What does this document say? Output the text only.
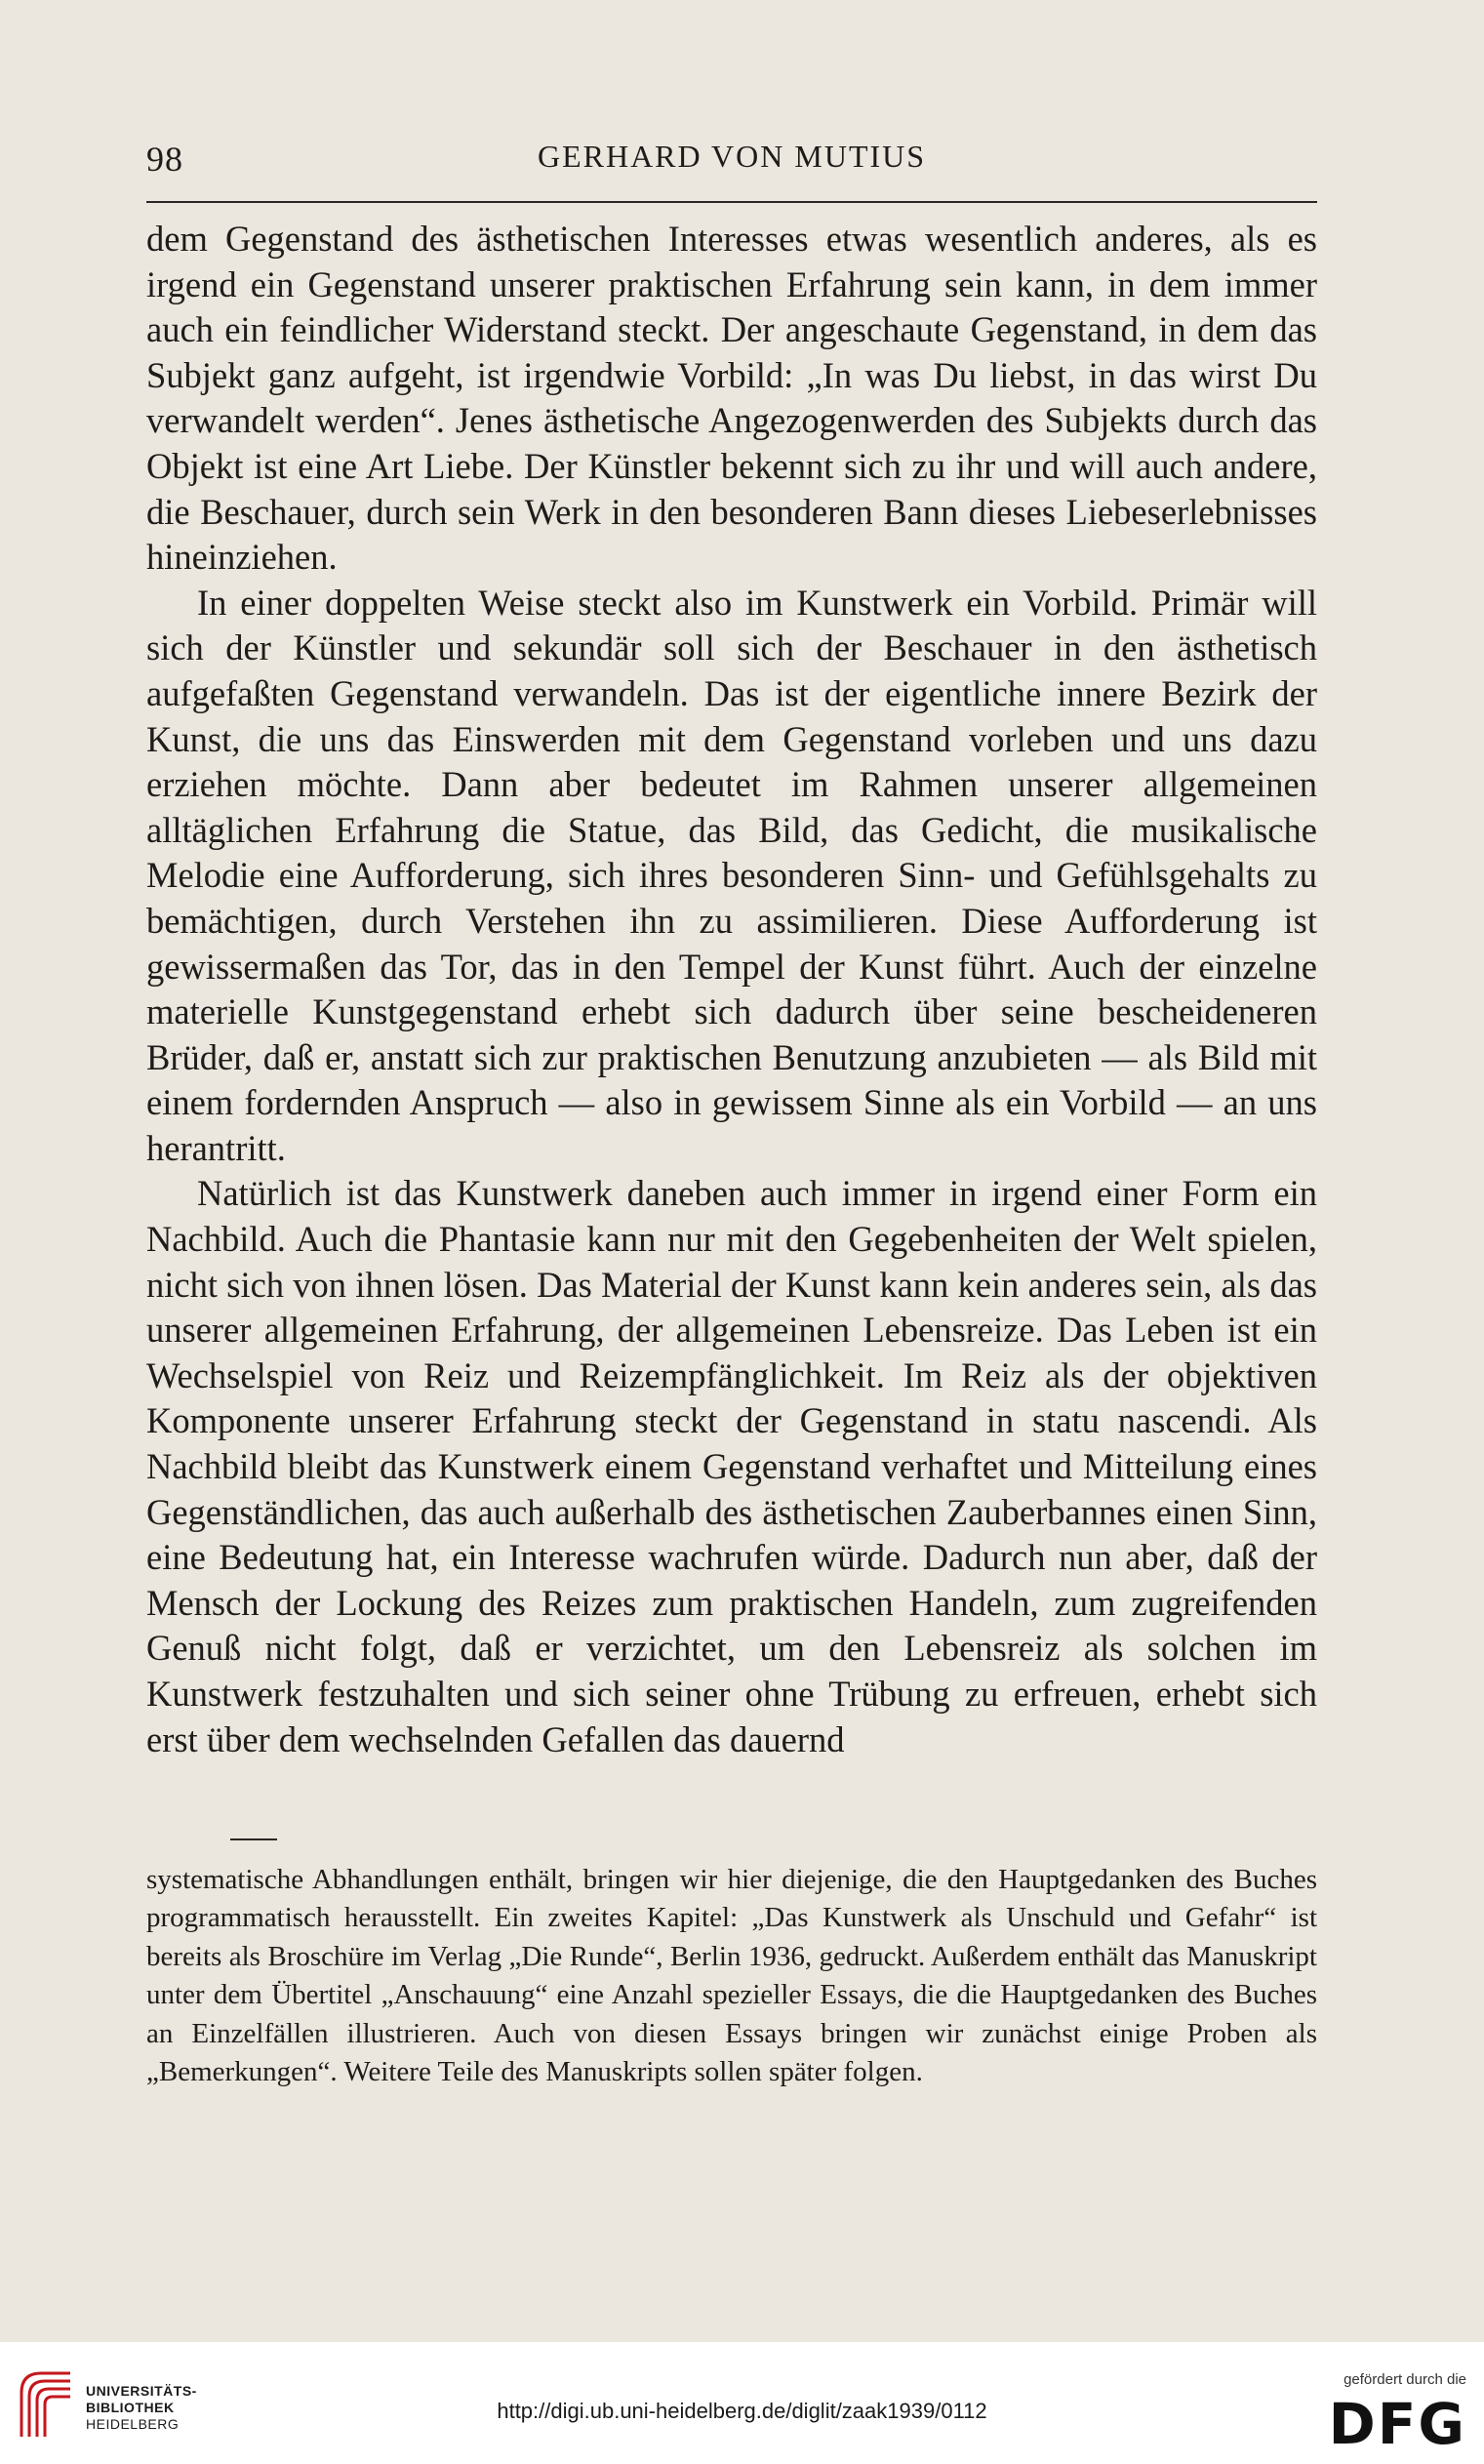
98	GERHARD VON MUTIUS

dem Gegenstand des ästhetischen Interesses etwas wesentlich anderes, als es irgend ein Gegenstand unserer praktischen Erfahrung sein kann, in dem immer auch ein feindlicher Widerstand steckt. Der angeschaute Gegenstand, in dem das Subjekt ganz aufgeht, ist irgendwie Vorbild: „In was Du liebst, in das wirst Du verwandelt werden“. Jenes ästhetische Angezogenwerden des Subjekts durch das Objekt ist eine Art Liebe. Der Künstler bekennt sich zu ihr und will auch andere, die Beschauer, durch sein Werk in den besonderen Bann dieses Liebeserlebnisses hineinziehen.

In einer doppelten Weise steckt also im Kunstwerk ein Vorbild. Primär will sich der Künstler und sekundär soll sich der Beschauer in den ästhetisch aufgefaßten Gegenstand verwandeln. Das ist der eigentliche innere Bezirk der Kunst, die uns das Einswerden mit dem Gegenstand vorleben und uns dazu erziehen möchte. Dann aber bedeutet im Rahmen unserer allgemeinen alltäglichen Erfahrung die Statue, das Bild, das Gedicht, die musikalische Melodie eine Aufforderung, sich ihres besonderen Sinn- und Gefühlsgehalts zu bemächtigen, durch Verstehen ihn zu assimilieren. Diese Aufforderung ist gewissermaßen das Tor, das in den Tempel der Kunst führt. Auch der einzelne materielle Kunstgegenstand erhebt sich dadurch über seine bescheideneren Brüder, daß er, anstatt sich zur praktischen Benutzung anzubieten — als Bild mit einem fordernden Anspruch — also in gewissem Sinne als ein Vorbild — an uns herantritt.

Natürlich ist das Kunstwerk daneben auch immer in irgend einer Form ein Nachbild. Auch die Phantasie kann nur mit den Gegebenheiten der Welt spielen, nicht sich von ihnen lösen. Das Material der Kunst kann kein anderes sein, als das unserer allgemeinen Erfahrung, der allgemeinen Lebensreize. Das Leben ist ein Wechselspiel von Reiz und Reizempfänglichkeit. Im Reiz als der objektiven Komponente unserer Erfahrung steckt der Gegenstand in statu nascendi. Als Nachbild bleibt das Kunstwerk einem Gegenstand verhaftet und Mitteilung eines Gegenständlichen, das auch außerhalb des ästhetischen Zauberbannes einen Sinn, eine Bedeutung hat, ein Interesse wachrufen würde. Dadurch nun aber, daß der Mensch der Lockung des Reizes zum praktischen Handeln, zum zugreifenden Genuß nicht folgt, daß er verzichtet, um den Lebensreiz als solchen im Kunstwerk festzuhalten und sich seiner ohne Trübung zu erfreuen, erhebt sich erst über dem wechselnden Gefallen das dauernd

systematische Abhandlungen enthält, bringen wir hier diejenige, die den Hauptgedanken des Buches programmatisch herausstellt. Ein zweites Kapitel: „Das Kunstwerk als Unschuld und Gefahr“ ist bereits als Broschüre im Verlag „Die Runde“, Berlin 1936, gedruckt. Außerdem enthält das Manuskript unter dem Übertitel „Anschauung“ eine Anzahl spezieller Essays, die die Hauptgedanken des Buches an Einzelfällen illustrieren. Auch von diesen Essays bringen wir zunächst einige Proben als „Bemerkungen“. Weitere Teile des Manuskripts sollen später folgen.

UNIVERSITÄTS-
BIBLIOTHEK
HEIDELBERG
http://digi.ub.uni-heidelberg.de/diglit/zaak1939/0112
gefördert durch die
DFG
